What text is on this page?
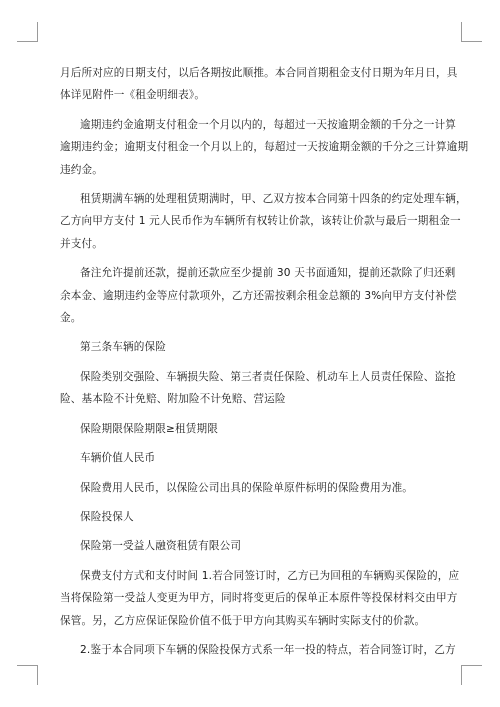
月后所对应的日期支付，以后各期按此顺推。本合同首期租金支付日期为年月日，具

体详见附件一《租金明细表》。

逾期违约金逾期支付租金一个月以内的，每超过一天按逾期金额的千分之一计算

逾期违约金；逾期支付租金一个月以上的，每超过一天按逾期金额的千分之三计算逾期

违约金。

租赁期满车辆的处理租赁期满时，甲、乙双方按本合同第十四条的约定处理车辆，

乙方向甲方支付 1 元人民币作为车辆所有权转让价款，该转让价款与最后一期租金一

并支付。

备注允许提前还款，提前还款应至少提前 30 天书面通知，提前还款除了归还剩

余本金、逾期违约金等应付款项外，乙方还需按剩余租金总额的 3%向甲方支付补偿

金。

第三条车辆的保险

保险类别交强险、车辆损失险、第三者责任保险、机动车上人员责任保险、盗抢

险、基本险不计免赔、附加险不计免赔、营运险

保险期限保险期限≥租赁期限

车辆价值人民币

保险费用人民币，以保险公司出具的保险单原件标明的保险费用为准。

保险投保人

保险第一受益人融资租赁有限公司

保费支付方式和支付时间 1.若合同签订时，乙方已为回租的车辆购买保险的，应

当将保险第一受益人变更为甲方，同时将变更后的保单正本原件等投保材料交由甲方

保管。另，乙方应保证保险价值不低于甲方向其购买车辆时实际支付的价款。

2.鉴于本合同项下车辆的保险投保方式系一年一投的特点，若合同签订时，乙方
